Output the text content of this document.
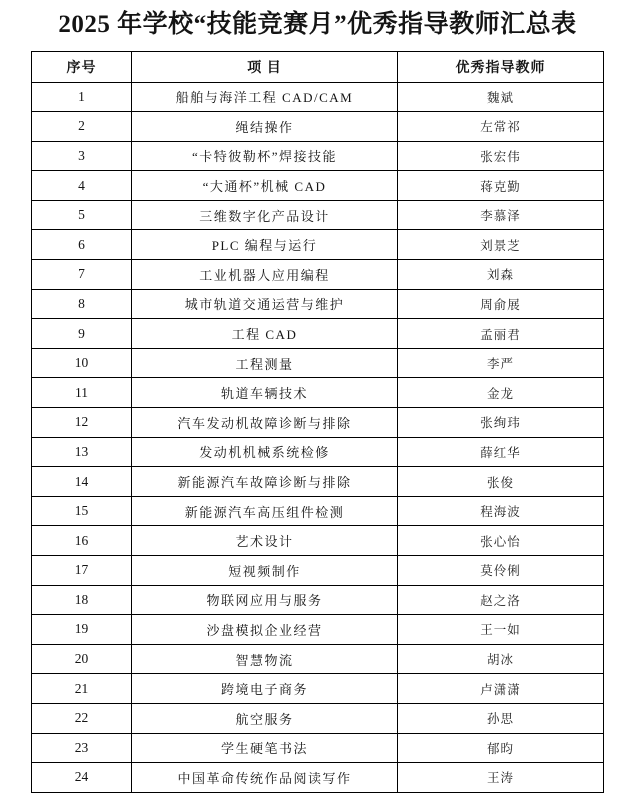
2025 年学校“技能竞赛月”优秀指导教师汇总表
序号	项 目	优秀指导教师
1	船舶与海洋工程 CAD/CAM	魏斌
2	绳结操作	左常祁
3	“卡特彼勒杯”焊接技能	张宏伟
4	“大通杯”机械 CAD	蒋克勤
5	三维数字化产品设计	李慕泽
6	PLC 编程与运行	刘景芝
7	工业机器人应用编程	刘森
8	城市轨道交通运营与维护	周俞展
9	工程 CAD	孟丽君
10	工程测量	李严
11	轨道车辆技术	金龙
12	汽车发动机故障诊断与排除	张绚玮
13	发动机机械系统检修	薛红华
14	新能源汽车故障诊断与排除	张俊
15	新能源汽车高压组件检测	程海波
16	艺术设计	张心怡
17	短视频制作	莫伶俐
18	物联网应用与服务	赵之洛
19	沙盘模拟企业经营	王一如
20	智慧物流	胡冰
21	跨境电子商务	卢潇潇
22	航空服务	孙思
23	学生硬笔书法	郁昀
24	中国革命传统作品阅读写作	王涛
